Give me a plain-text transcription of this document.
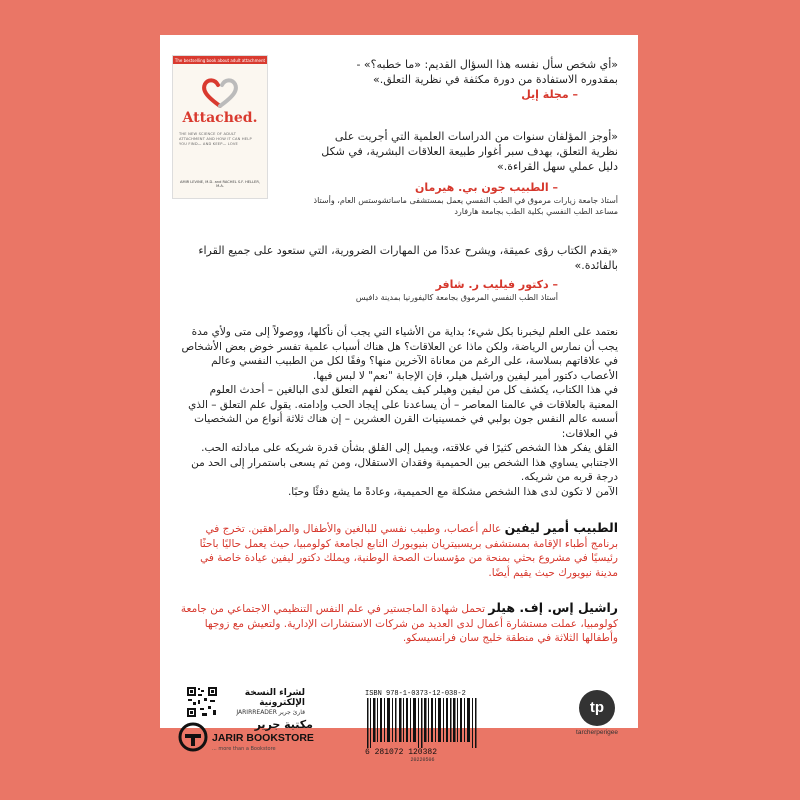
The bestselling book about adult attachment
Attached.
THE NEW SCIENCE OF ADULT ATTACHMENT AND HOW IT CAN HELP YOU FIND— AND KEEP— LOVE
AMIR LEVINE, M.D. and RACHEL S.F. HELLER, M.A.
«أي شخص سأل نفسه هذا السؤال القديم: «ما خطبه؟» - بمقدوره الاستفادة من دورة مكثفة في نظرية التعلق.»
– مجلة إيل
«أوجز المؤلفان سنوات من الدراسات العلمية التي أجريت على نظرية التعلق، بهدف سبر أغوار طبيعة العلاقات البشرية، في شكل دليل عملي سهل القراءة.»
– الطبيب جون بي. هيرمان
أستاذ جامعة زيارات مرموق في الطب النفسي يعمل بمستشفى ماساتشوستس العام، وأستاذ مساعد الطب النفسي بكلية الطب بجامعة هارفارد
«يقدم الكتاب رؤى عميقة، ويشرح عددًا من المهارات الضرورية، التي ستعود على جميع القراء بالفائدة.»
– دكتور فيليب ر. شافر
أستاذ الطب النفسي المرموق بجامعة كاليفورنيا بمدينة دافيس
نعتمد على العلم ليخبرنا بكل شيء؛ بداية من الأشياء التي يجب أن نأكلها، ووصولاً إلى متى ولأي مدة يجب أن نمارس الرياضة، ولكن ماذا عن العلاقات؟ هل هناك أسباب علمية تفسر خوض بعض الأشخاص في علاقاتهم بسلاسة، على الرغم من معاناة الآخرين منها؟ وفقًا لكل من الطبيب النفسي وعالم الأعصاب دكتور أمير ليفين وراشيل هيلر، فإن الإجابة "نعم" لا لبس فيها.
في هذا الكتاب، يكشف كل من ليفين وهيلر كيف يمكن لفهم التعلق لدى البالغين – أحدث العلوم المعنية بالعلاقات في عالمنا المعاصر – أن يساعدنا على إيجاد الحب وإدامته. يقول علم التعلق – الذي أسسه عالم النفس جون بولبي في خمسينيات القرن العشرين – إن هناك ثلاثة أنواع من الشخصيات في العلاقات:
القلق يفكر هذا الشخص كثيرًا في علاقته، ويميل إلى القلق بشأن قدرة شريكه على مبادلته الحب.
الاجتنابي يساوي هذا الشخص بين الحميمية وفقدان الاستقلال، ومن ثم يسعى باستمرار إلى الحد من درجة قربه من شريكه.
الآمن لا تكون لدى هذا الشخص مشكلة مع الحميمية، وعادةً ما يشع دفئًا وحبًا.
الطبيب أمير ليفين عالم أعصاب، وطبيب نفسي للبالغين والأطفال والمراهقين. تخرج في برنامج أطباء الإقامة بمستشفى بريسبيتريان بنيويورك التابع لجامعة كولومبيا، حيث يعمل حاليًا باحثًا رئيسيًا في مشروع بحثي بمنحة من مؤسسات الصحة الوطنية، ويملك دكتور ليفين عيادة خاصة في مدينة نيويورك حيث يقيم أيضًا.
راشيل إس. إف. هيلر تحمل شهادة الماجستير في علم النفس التنظيمي الاجتماعي من جامعة كولومبيا، عملت مستشارة أعمال لدى العديد من شركات الاستشارات الإدارية. ولتعيش مع زوجها وأطفالها الثلاثة في منطقة خليج سان فرانسيسكو.
لشراء النسخة
الإلكترونية
قارئ جرير JARIRREADER
مكتبة جرير
JARIR BOOKSTORE
... more than a Bookstore
ISBN 978-1-0373-12-038-2
6 281072 120382
20220506
tp
tarcherperigee
